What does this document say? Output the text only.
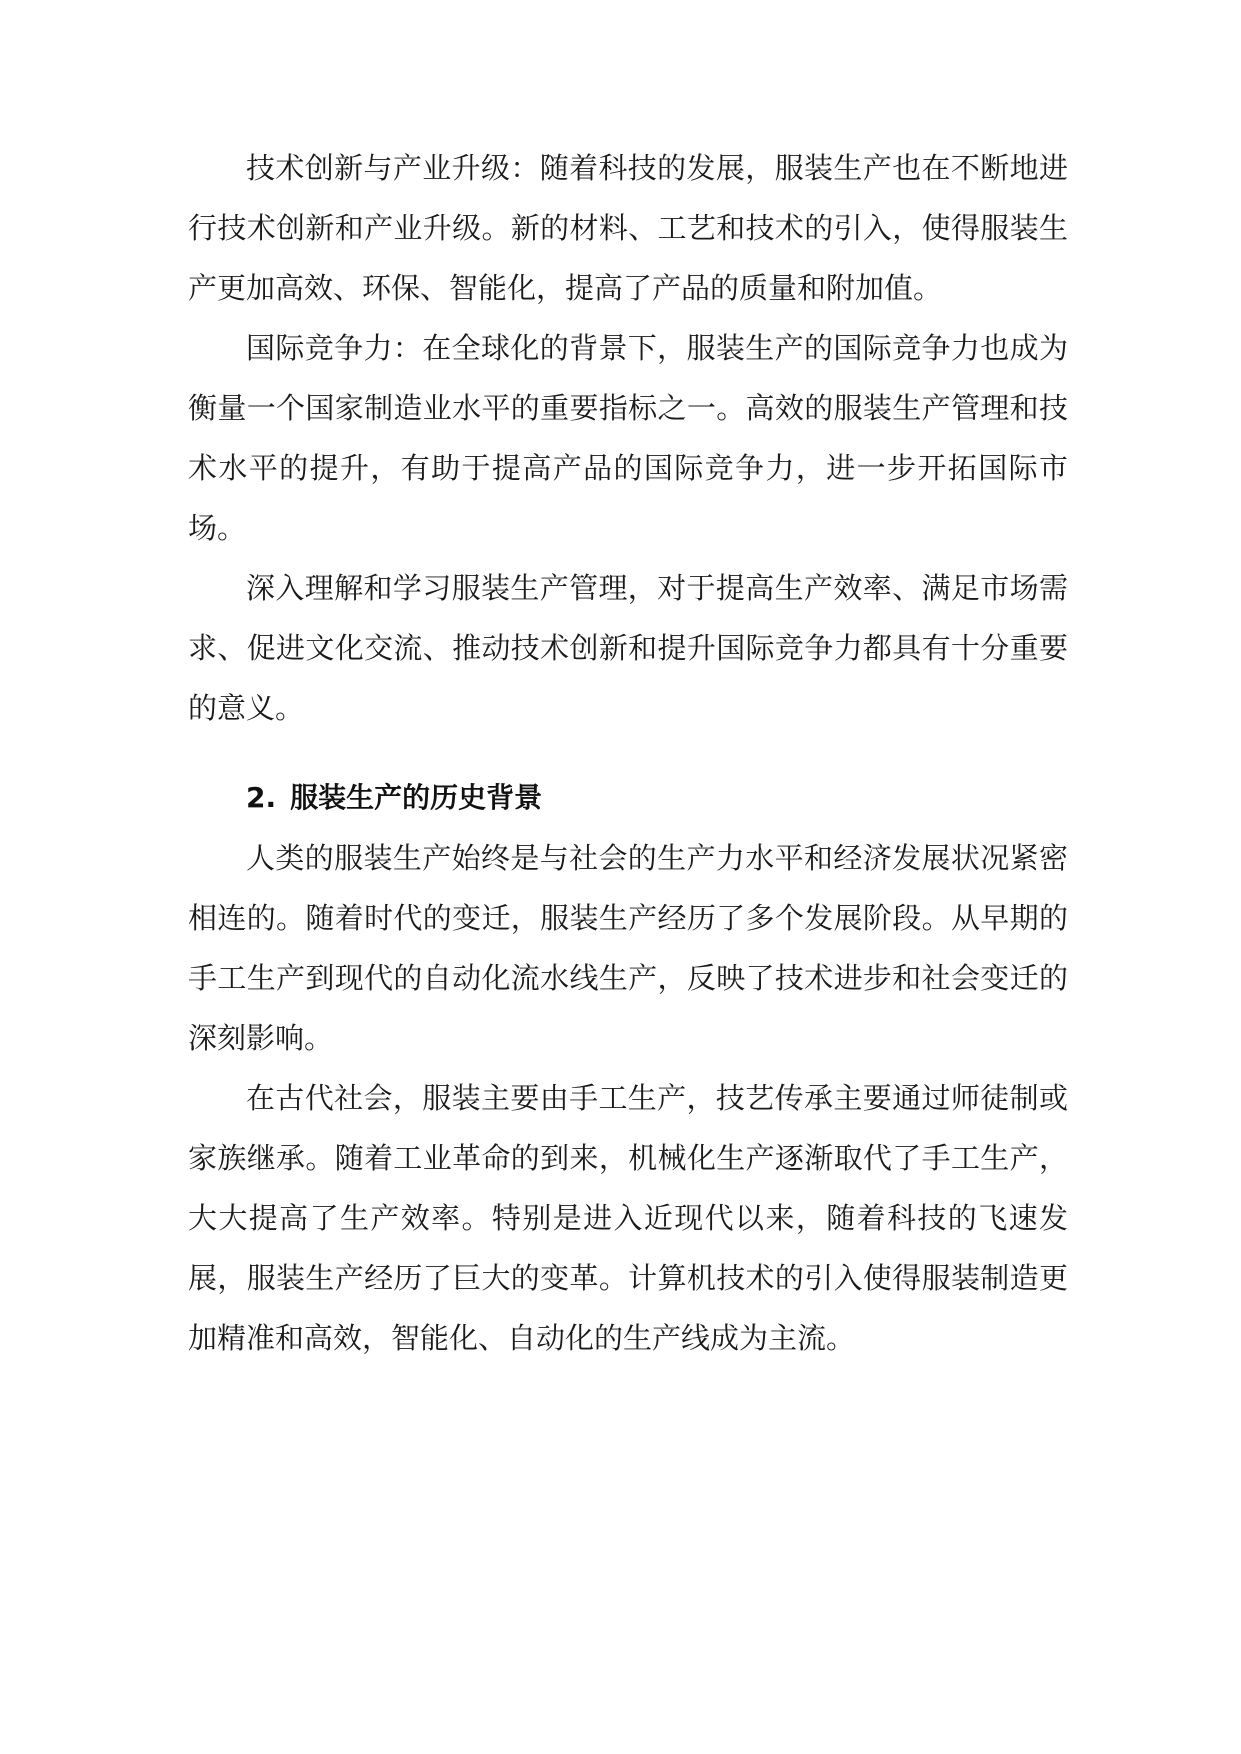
技术创新与产业升级：随着科技的发展，服装生产也在不断地进行技术创新和产业升级。新的材料、工艺和技术的引入，使得服装生产更加高效、环保、智能化，提高了产品的质量和附加值。

国际竞争力：在全球化的背景下，服装生产的国际竞争力也成为衡量一个国家制造业水平的重要指标之一。高效的服装生产管理和技术水平的提升，有助于提高产品的国际竞争力，进一步开拓国际市场。

深入理解和学习服装生产管理，对于提高生产效率、满足市场需求、促进文化交流、推动技术创新和提升国际竞争力都具有十分重要的意义。

2. 服装生产的历史背景

人类的服装生产始终是与社会的生产力水平和经济发展状况紧密相连的。随着时代的变迁，服装生产经历了多个发展阶段。从早期的手工生产到现代的自动化流水线生产，反映了技术进步和社会变迁的深刻影响。

在古代社会，服装主要由手工生产，技艺传承主要通过师徒制或家族继承。随着工业革命的到来，机械化生产逐渐取代了手工生产，大大提高了生产效率。特别是进入近现代以来，随着科技的飞速发展，服装生产经历了巨大的变革。计算机技术的引入使得服装制造更加精准和高效，智能化、自动化的生产线成为主流。
